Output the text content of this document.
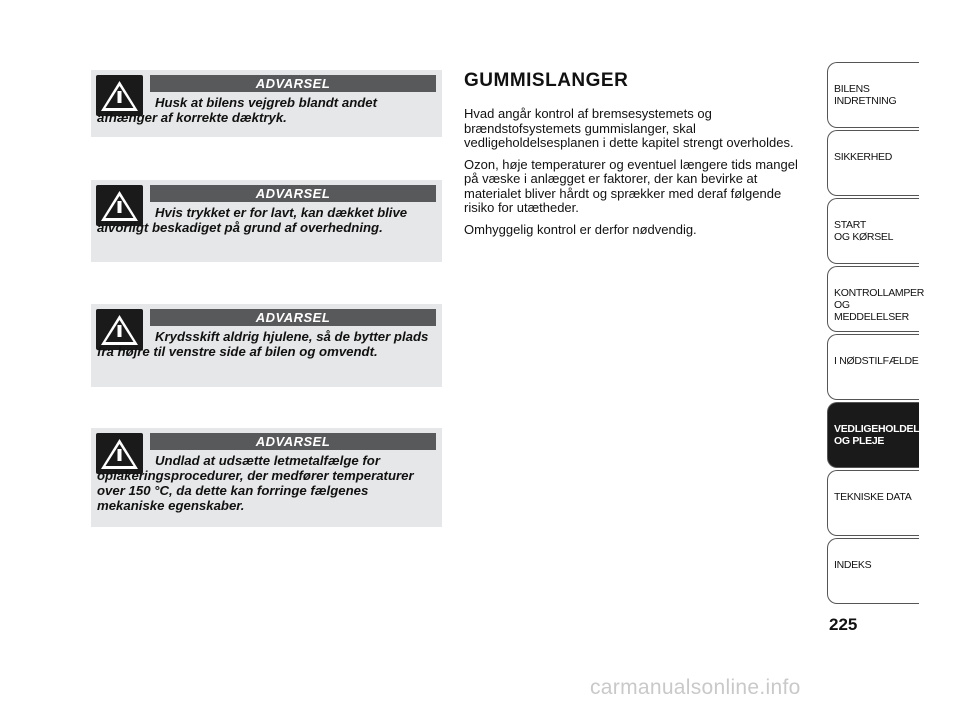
ADVARSEL
Husk at bilens vejgreb blandt andet afhænger af korrekte dæktryk.
ADVARSEL
Hvis trykket er for lavt, kan dækket blive alvorligt beskadiget på grund af overhedning.
ADVARSEL
Krydsskift aldrig hjulene, så de bytter plads fra højre til venstre side af bilen og omvendt.
ADVARSEL
Undlad at udsætte letmetalfælge for oplakeringsprocedurer, der medfører temperaturer over 150 °C, da dette kan forringe fælgenes mekaniske egenskaber.
GUMMISLANGER

Hvad angår kontrol af bremsesystemets og brændstofsystemets gummislanger, skal vedligeholdelsesplanen i dette kapitel strengt overholdes.

Ozon, høje temperaturer og eventuel længere tids mangel på væske i anlægget er faktorer, der kan bevirke at materialet bliver hårdt og sprækker med deraf følgende risiko for utætheder.

Omhyggelig kontrol er derfor nødvendig.

BILENS
INDRETNING
SIKKERHED
START
OG KØRSEL
KONTROLLAMPER
OG MEDDELELSER
I NØDSTILFÆLDE
VEDLIGEHOLDELSE
OG PLEJE
TEKNISKE DATA
INDEKS
225
carmanualsonline.info
